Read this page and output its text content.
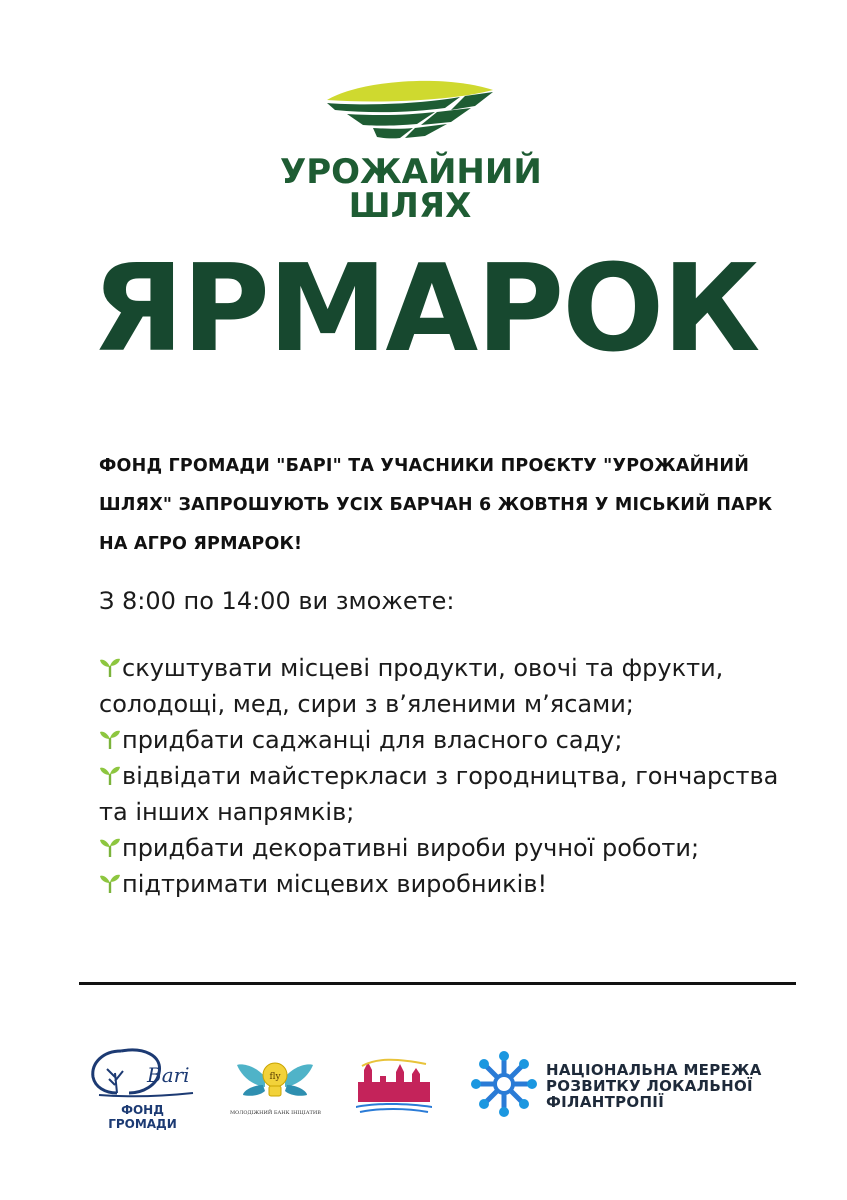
УРОЖАЙНИЙ
ШЛЯХ
ЯРМАРОК
ФОНД ГРОМАДИ "БАРІ" ТА УЧАСНИКИ ПРОЄКТУ "УРОЖАЙНИЙ ШЛЯХ" ЗАПРОШУЮТЬ УСІХ БАРЧАН 6 ЖОВТНЯ У МІСЬКИЙ ПАРК НА АГРО ЯРМАРОК!
З 8:00 по 14:00 ви зможете:
скуштувати місцеві продукти, овочі та фрукти,
солодощі, мед, сири з в’яленими м’ясами;
придбати саджанці для власного саду;
відвідати майстеркласи з городництва, гончарства
та інших напрямків;
придбати декоративні вироби ручної роботи;
підтримати місцевих виробників!
Bari
ФОНД ГРОМАДИ
fly
МОЛОДІЖНИЙ БАНК ІНІЦІАТИВ
НАЦІОНАЛЬНА МЕРЕЖА
РОЗВИТКУ ЛОКАЛЬНОЇ
ФІЛАНТРОПІЇ
